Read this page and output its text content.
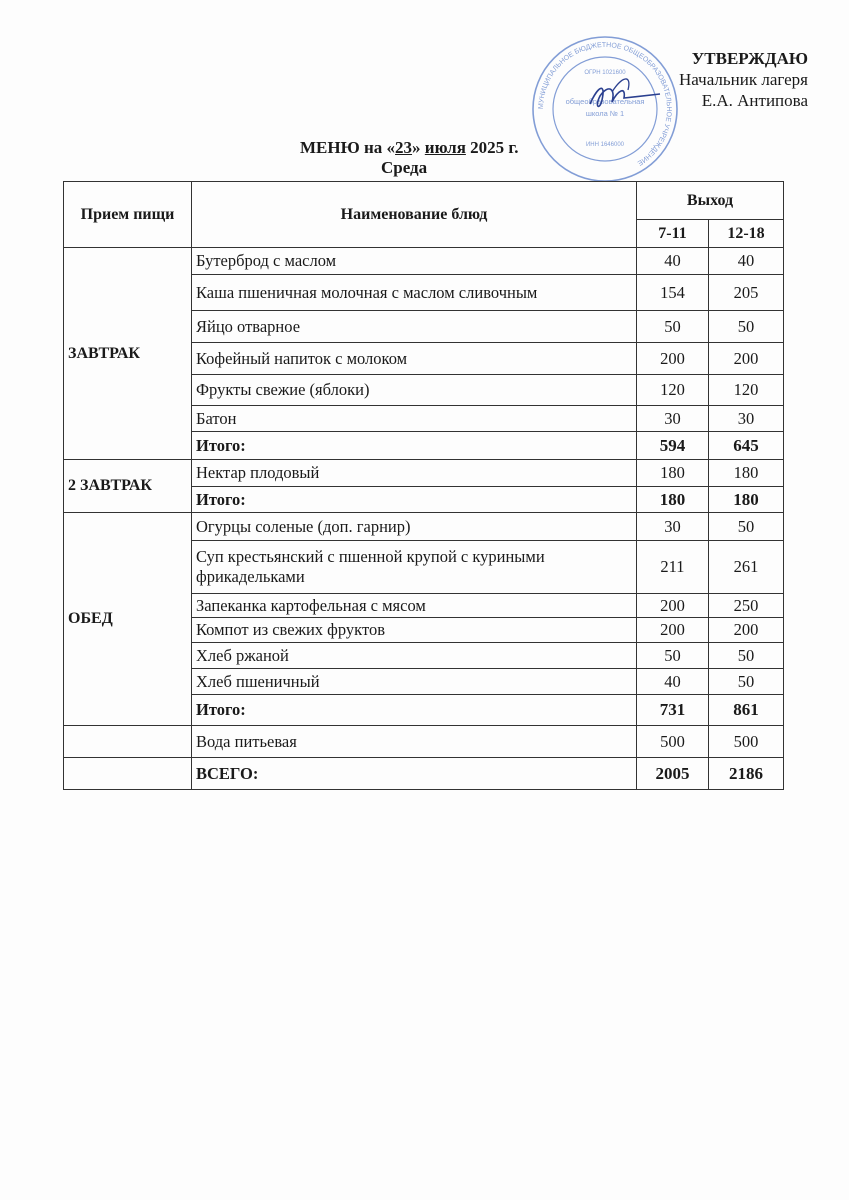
МУНИЦИПАЛЬНОЕ БЮДЖЕТНОЕ ОБЩЕОБРАЗОВАТЕЛЬНОЕ УЧРЕЖДЕНИЕ
общеобразовательная
школа № 1
ОГРН 1021600
ИНН 1646000
УТВЕРЖДАЮ
Начальник лагеря
Е.А. Антипова
МЕНЮ на «23» июля 2025 г.
Среда
Прием пищи	Наименование блюд	Выход	
		7-11	12-18
ЗАВТРАК	Бутерброд с маслом	40	40
	Каша пшеничная молочная с маслом сливочным	154	205
	Яйцо отварное	50	50
	Кофейный напиток с молоком	200	200
	Фрукты свежие (яблоки)	120	120
	Батон	30	30
	Итого:	594	645
2 ЗАВТРАК	Нектар плодовый	180	180
	Итого:	180	180
ОБЕД	Огурцы соленые (доп. гарнир)	30	50
	Суп крестьянский с пшенной крупой с куриными фрикадельками	211	261
	Запеканка картофельная с мясом	200	250
	Компот из свежих фруктов	200	200
	Хлеб ржаной	50	50
	Хлеб пшеничный	40	50
	Итого:	731	861
	Вода питьевая	500	500
	ВСЕГО:	2005	2186
